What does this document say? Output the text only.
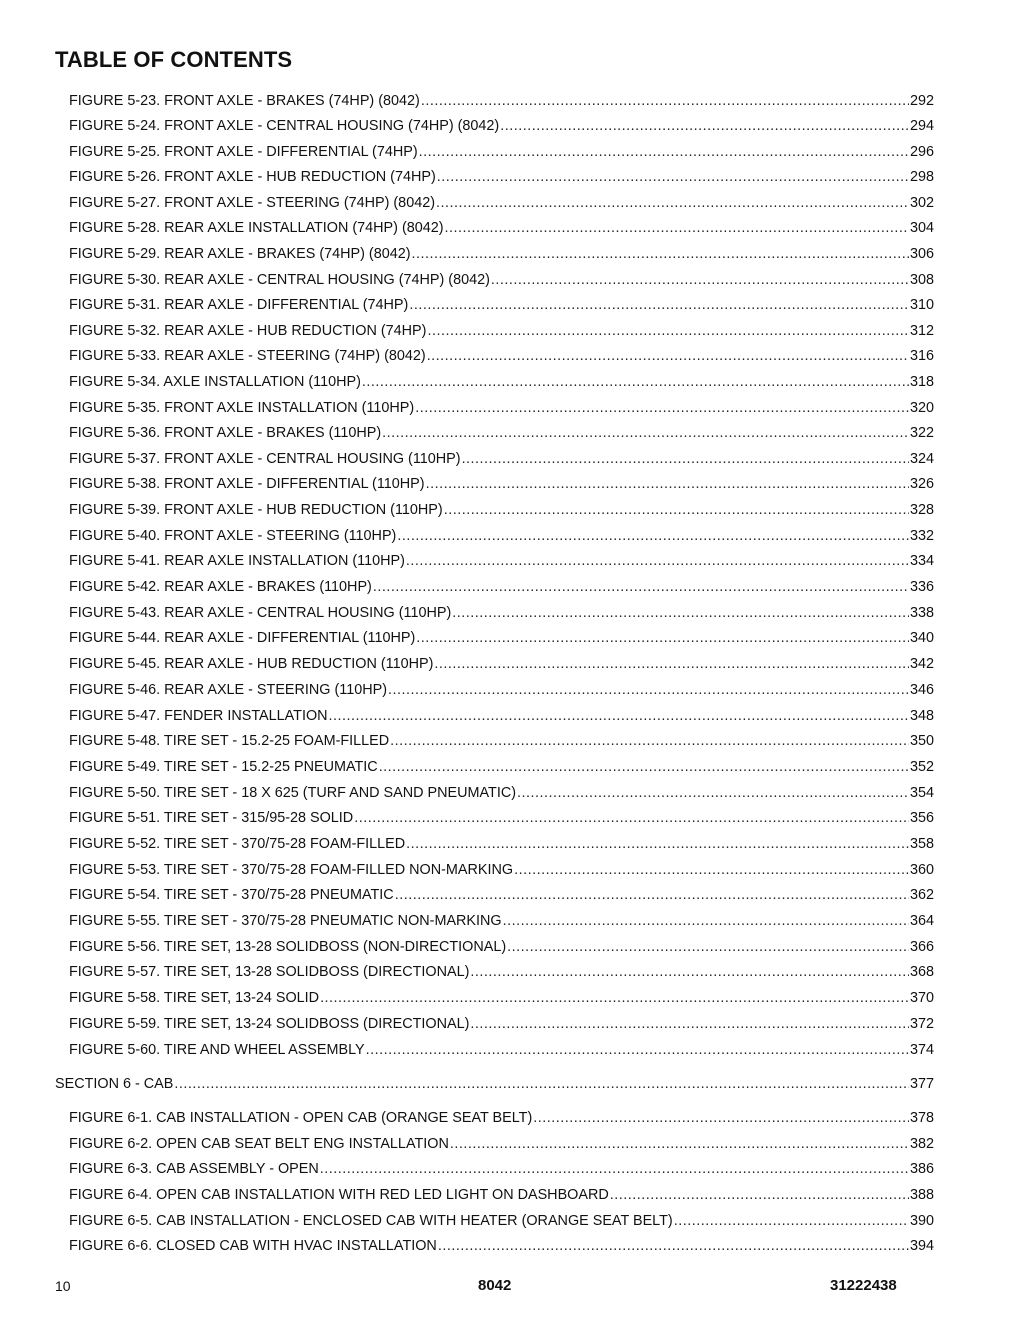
TABLE OF CONTENTS
FIGURE 5-23. FRONT AXLE - BRAKES (74HP) (8042) .....	292
FIGURE 5-24. FRONT AXLE - CENTRAL HOUSING (74HP) (8042) .....	294
FIGURE 5-25. FRONT AXLE - DIFFERENTIAL (74HP) .....	296
FIGURE 5-26. FRONT AXLE - HUB REDUCTION (74HP) .....	298
FIGURE 5-27. FRONT AXLE - STEERING (74HP) (8042) .....	302
FIGURE 5-28. REAR AXLE INSTALLATION (74HP) (8042) .....	304
FIGURE 5-29. REAR AXLE - BRAKES (74HP) (8042) .....	306
FIGURE 5-30. REAR AXLE - CENTRAL HOUSING (74HP) (8042) .....	308
FIGURE 5-31. REAR AXLE - DIFFERENTIAL (74HP) .....	310
FIGURE 5-32. REAR AXLE - HUB REDUCTION (74HP) .....	312
FIGURE 5-33. REAR AXLE - STEERING (74HP) (8042) .....	316
FIGURE 5-34. AXLE INSTALLATION (110HP) .....	318
FIGURE 5-35. FRONT AXLE INSTALLATION (110HP) .....	320
FIGURE 5-36. FRONT AXLE - BRAKES (110HP) .....	322
FIGURE 5-37. FRONT AXLE - CENTRAL HOUSING (110HP) .....	324
FIGURE 5-38. FRONT AXLE - DIFFERENTIAL (110HP) .....	326
FIGURE 5-39. FRONT AXLE - HUB REDUCTION (110HP) .....	328
FIGURE 5-40. FRONT AXLE - STEERING (110HP) .....	332
FIGURE 5-41. REAR AXLE INSTALLATION (110HP) .....	334
FIGURE 5-42. REAR AXLE - BRAKES (110HP) .....	336
FIGURE 5-43. REAR AXLE - CENTRAL HOUSING (110HP) .....	338
FIGURE 5-44. REAR AXLE - DIFFERENTIAL (110HP) .....	340
FIGURE 5-45. REAR AXLE - HUB REDUCTION (110HP) .....	342
FIGURE 5-46. REAR AXLE - STEERING (110HP) .....	346
FIGURE 5-47. FENDER INSTALLATION .....	348
FIGURE 5-48. TIRE SET - 15.2-25 FOAM-FILLED .....	350
FIGURE 5-49. TIRE SET - 15.2-25 PNEUMATIC .....	352
FIGURE 5-50. TIRE SET - 18 X 625 (TURF AND SAND PNEUMATIC) .....	354
FIGURE 5-51. TIRE SET - 315/95-28 SOLID .....	356
FIGURE 5-52. TIRE SET - 370/75-28 FOAM-FILLED .....	358
FIGURE 5-53. TIRE SET - 370/75-28 FOAM-FILLED NON-MARKING .....	360
FIGURE 5-54. TIRE SET - 370/75-28 PNEUMATIC .....	362
FIGURE 5-55. TIRE SET - 370/75-28 PNEUMATIC NON-MARKING .....	364
FIGURE 5-56. TIRE SET, 13-28 SOLIDBOSS (NON-DIRECTIONAL) .....	366
FIGURE 5-57. TIRE SET, 13-28 SOLIDBOSS (DIRECTIONAL) .....	368
FIGURE 5-58. TIRE SET, 13-24 SOLID .....	370
FIGURE 5-59. TIRE SET, 13-24 SOLIDBOSS (DIRECTIONAL) .....	372
FIGURE 5-60. TIRE AND WHEEL ASSEMBLY .....	374
SECTION 6 - CAB .....	377
FIGURE 6-1. CAB INSTALLATION - OPEN CAB (ORANGE SEAT BELT) .....	378
FIGURE 6-2. OPEN CAB SEAT BELT ENG INSTALLATION .....	382
FIGURE 6-3. CAB ASSEMBLY - OPEN .....	386
FIGURE 6-4. OPEN CAB INSTALLATION WITH RED LED LIGHT ON DASHBOARD .....	388
FIGURE 6-5. CAB INSTALLATION - ENCLOSED CAB WITH HEATER (ORANGE SEAT BELT) .....	390
FIGURE 6-6. CLOSED CAB WITH HVAC INSTALLATION .....	394
10	8042	31222438
